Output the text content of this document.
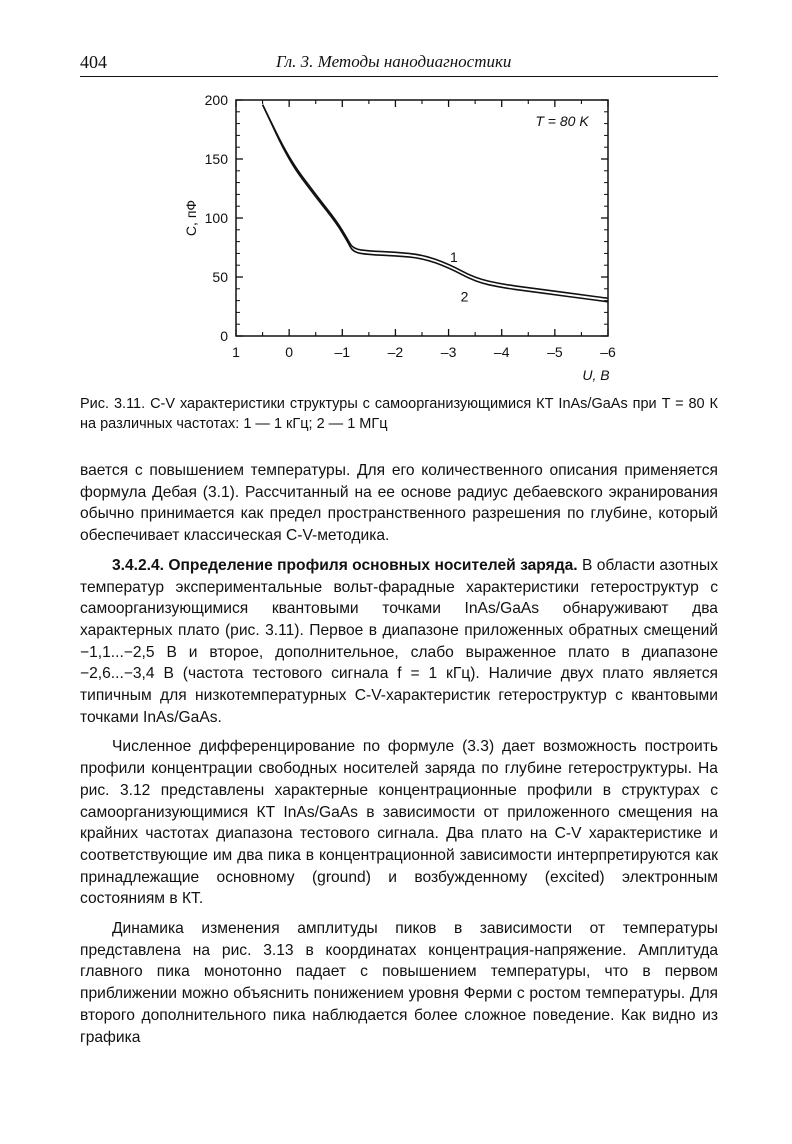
404	Гл. 3. Методы нанодиагностики
1	0	–1	–2	–3	–4	–5	–6
0
50
100
150
200
1
2
C, пФ
U, В
T = 80 K
Рис. 3.11. C-V характеристики структуры с самоорганизующимися КТ InAs/GaAs при T = 80 К на различных частотах: 1 — 1 кГц; 2 — 1 МГц

вается с повышением температуры. Для его количественного описания применяется формула Дебая (3.1). Рассчитанный на ее основе радиус дебаевского экранирования обычно принимается как предел пространственного разрешения по глубине, который обеспечивает классическая C-V-методика.

3.4.2.4. Определение профиля основных носителей заряда. В области азотных температур экспериментальные вольт-фарадные характеристики гетероструктур с самоорганизующимися квантовыми точками InAs/GaAs обнаруживают два характерных плато (рис. 3.11). Первое в диапазоне приложенных обратных смещений −1,1...−2,5 В и второе, дополнительное, слабо выраженное плато в диапазоне −2,6...−3,4 В (частота тестового сигнала f = 1 кГц). Наличие двух плато является типичным для низкотемпературных C-V-характеристик гетероструктур с квантовыми точками InAs/GaAs.

Численное дифференцирование по формуле (3.3) дает возможность построить профили концентрации свободных носителей заряда по глубине гетероструктуры. На рис. 3.12 представлены характерные концентрационные профили в структурах с самоорганизующимися КТ InAs/GaAs в зависимости от приложенного смещения на крайних частотах диапазона тестового сигнала. Два плато на C-V характеристике и соответствующие им два пика в концентрационной зависимости интерпретируются как принадлежащие основному (ground) и возбужденному (excited) электронным состояниям в КТ.

Динамика изменения амплитуды пиков в зависимости от температуры представлена на рис. 3.13 в координатах концентрация-напряжение. Амплитуда главного пика монотонно падает с повышением температуры, что в первом приближении можно объяснить понижением уровня Ферми с ростом температуры. Для второго дополнительного пика наблюдается более сложное поведение. Как видно из графика
